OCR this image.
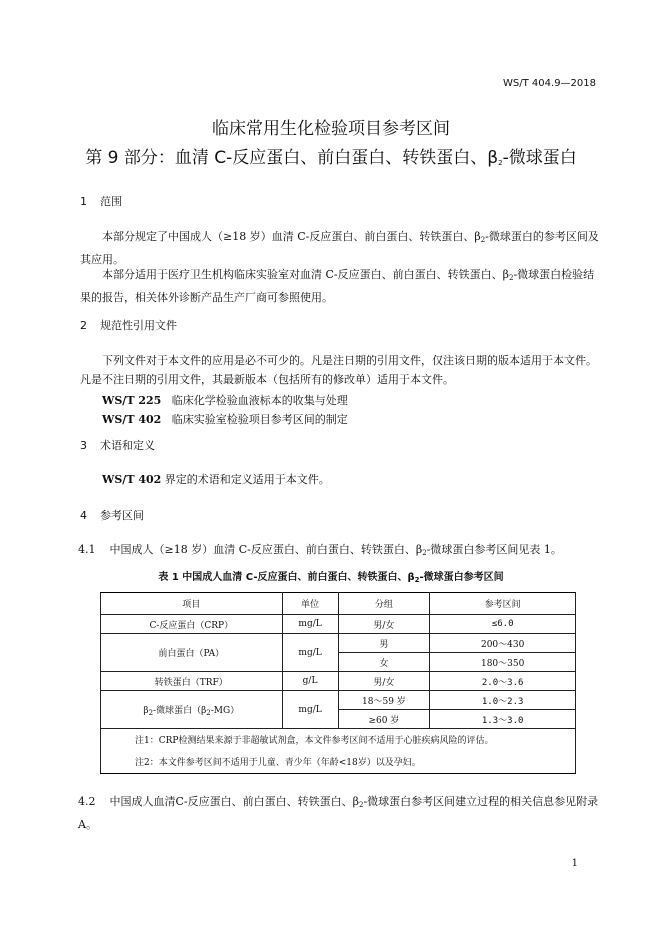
WS/T 404.9—2018
临床常用生化检验项目参考区间
第 9 部分：血清 C-反应蛋白、前白蛋白、转铁蛋白、$\beta_2-$微球蛋白
1 范围
本部分规定了中国成人（≥18 岁）血清 C-反应蛋白、前白蛋白、转铁蛋白、$\beta_2-$微球蛋白的参考区间及其应用。
本部分适用于医疗卫生机构临床实验室对血清 C-反应蛋白、前白蛋白、转铁蛋白、$\beta_2-$微球蛋白检验结果的报告，相关体外诊断产品生产厂商可参照使用。
2 规范性引用文件
下列文件对于本文件的应用是必不可少的。凡是注日期的引用文件，仅注该日期的版本适用于本文件。凡是不注日期的引用文件，其最新版本（包括所有的修改单）适用于本文件。
WS/T 225 临床化学检验血液标本的收集与处理
WS/T 402 临床实验室检验项目参考区间的制定
3 术语和定义
WS/T 402 界定的术语和定义适用于本文件。
4 参考区间
4.1 中国成人（≥18 岁）血清 C-反应蛋白、前白蛋白、转铁蛋白、$\beta_2-$微球蛋白参考区间见表 1。
表 1 中国成人血清 C-反应蛋白、前白蛋白、转铁蛋白、$\beta_2-$微球蛋白参考区间
项目	单位	分组	参考区间
C-反应蛋白（CRP）	mg/L	男/女	≤6.0
前白蛋白（PA）	mg/L	男	200～430
		女	180～350
转铁蛋白（TRF）	g/L	男/女	2.0～3.6
$\beta_2-$微球蛋白$(\beta_2-MG)$	mg/L	18～59 岁	1.0～2.3
		≥60 岁	1.3～3.0
注1：CRP检测结果来源于非超敏试剂盒，本文件参考区间不适用于心脏疾病风险的评估。			
注2：本文件参考区间不适用于儿童、青少年（年龄<18岁）以及孕妇。			
4.2 中国成人血清C-反应蛋白、前白蛋白、转铁蛋白、$\beta_2-$微球蛋白参考区间建立过程的相关信息参见附录A。
1
